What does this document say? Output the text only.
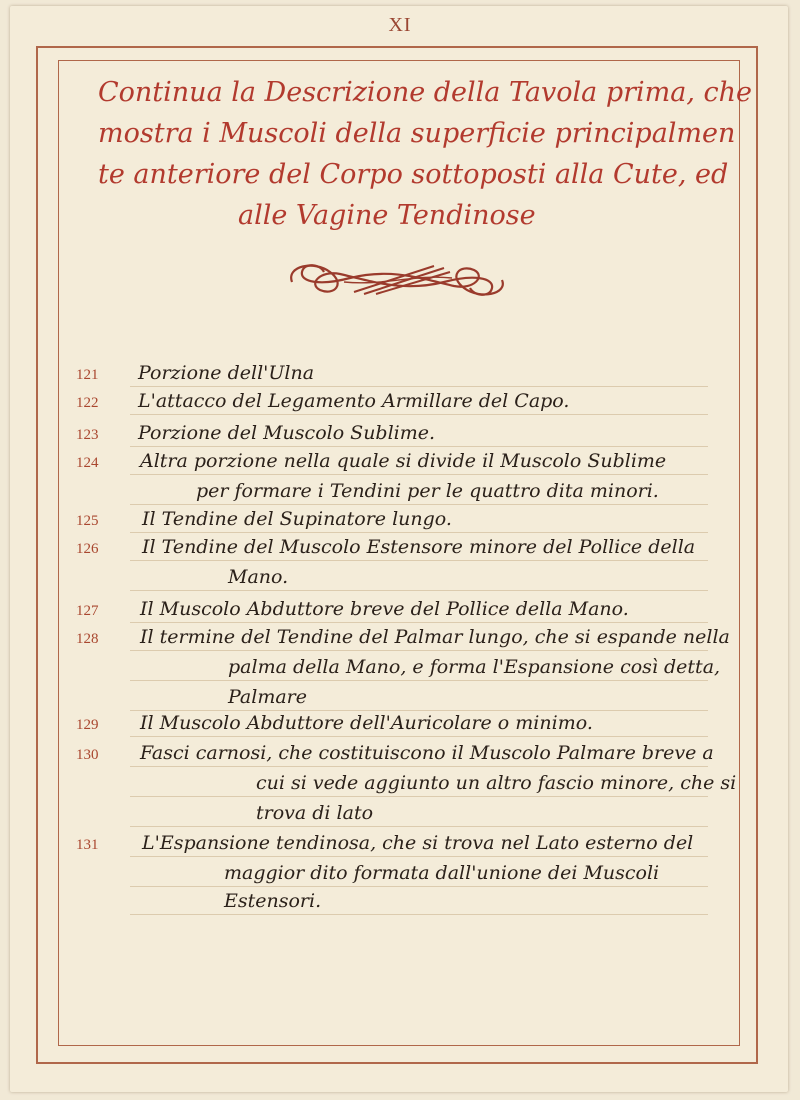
XI
Continua la Descrizione della Tavola prima, che
mostra i Muscoli della superficie principalmen
te anteriore del Corpo sottoposti alla Cute, ed
alle Vagine Tendinose
121	Porzione dell'Ulna
122	L'attacco del Legamento Armillare del Capo.
123	Porzione del Muscolo Sublime.
124	Altra porzione nella quale si divide il Muscolo Sublime
per formare i Tendini per le quattro dita minori.
125	Il Tendine del Supinatore lungo.
126	Il Tendine del Muscolo Estensore minore del Pollice della
Mano.
127	Il Muscolo Abduttore breve del Pollice della Mano.
128	Il termine del Tendine del Palmar lungo, che si espande nella
palma della Mano, e forma l'Espansione così detta,
Palmare
129	Il Muscolo Abduttore dell'Auricolare o minimo.
130	Fasci carnosi, che costituiscono il Muscolo Palmare breve a
cui si vede aggiunto un altro fascio minore, che si
trova di lato
131	L'Espansione tendinosa, che si trova nel Lato esterno del
maggior dito formata dall'unione dei Muscoli
Estensori.
